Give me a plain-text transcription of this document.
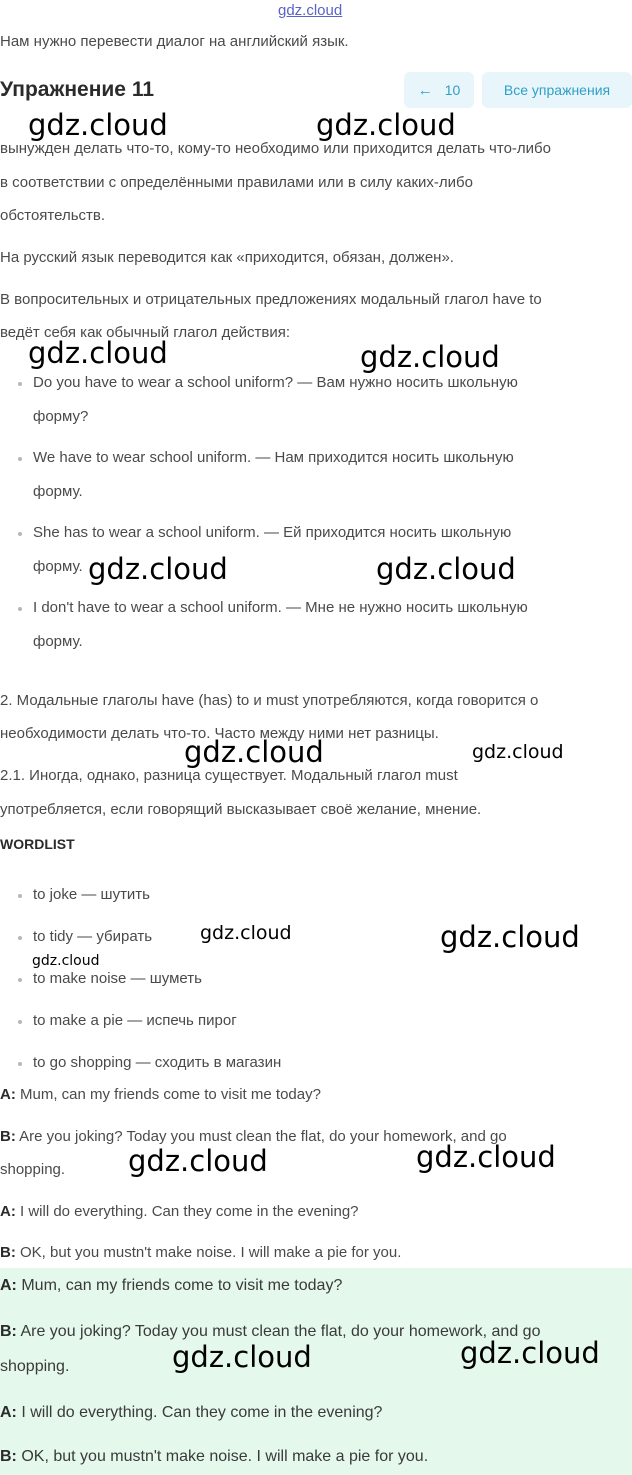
gdz.cloud
Нам нужно перевести диалог на английский язык.
Упражнение 11	← 10	Все упражнения
вынужден делать что-то, кому-то необходимо или приходится делать что-либо
в соответствии с определёнными правилами или в силу каких-либо
обстоятельств.
На русский язык переводится как «приходится, обязан, должен».
В вопросительных и отрицательных предложениях модальный глагол have to
ведёт себя как обычный глагол действия:
Do you have to wear a school uniform? — Вам нужно носить школьную
форму?
We have to wear school uniform. — Нам приходится носить школьную
форму.
She has to wear a school uniform. — Ей приходится носить школьную
форму.
I don't have to wear a school uniform. — Мне не нужно носить школьную
форму.
2. Модальные глаголы have (has) to и must употребляются, когда говорится о
необходимости делать что-то. Часто между ними нет разницы.
2.1. Иногда, однако, разница существует. Модальный глагол must
употребляется, если говорящий высказывает своё желание, мнение.
WORDLIST
to joke — шутить
to tidy — убирать
to make noise — шуметь
to make a pie — испечь пирог
to go shopping — сходить в магазин
A: Mum, can my friends come to visit me today?
B: Are you joking? Today you must clean the flat, do your homework, and go
shopping.
A: I will do everything. Can they come in the evening?
B: OK, but you mustn't make noise. I will make a pie for you.
A: Mum, can my friends come to visit me today?
B: Are you joking? Today you must clean the flat, do your homework, and go
shopping.
A: I will do everything. Can they come in the evening?
B: OK, but you mustn't make noise. I will make a pie for you.
gdz.cloud	gdz.cloud
gdz.cloud	gdz.cloud
gdz.cloud	gdz.cloud
gdz.cloud	gdz.cloud
gdz.cloud	gdz.cloud
gdz.cloud
gdz.cloud	gdz.cloud
gdz.cloud	gdz.cloud
